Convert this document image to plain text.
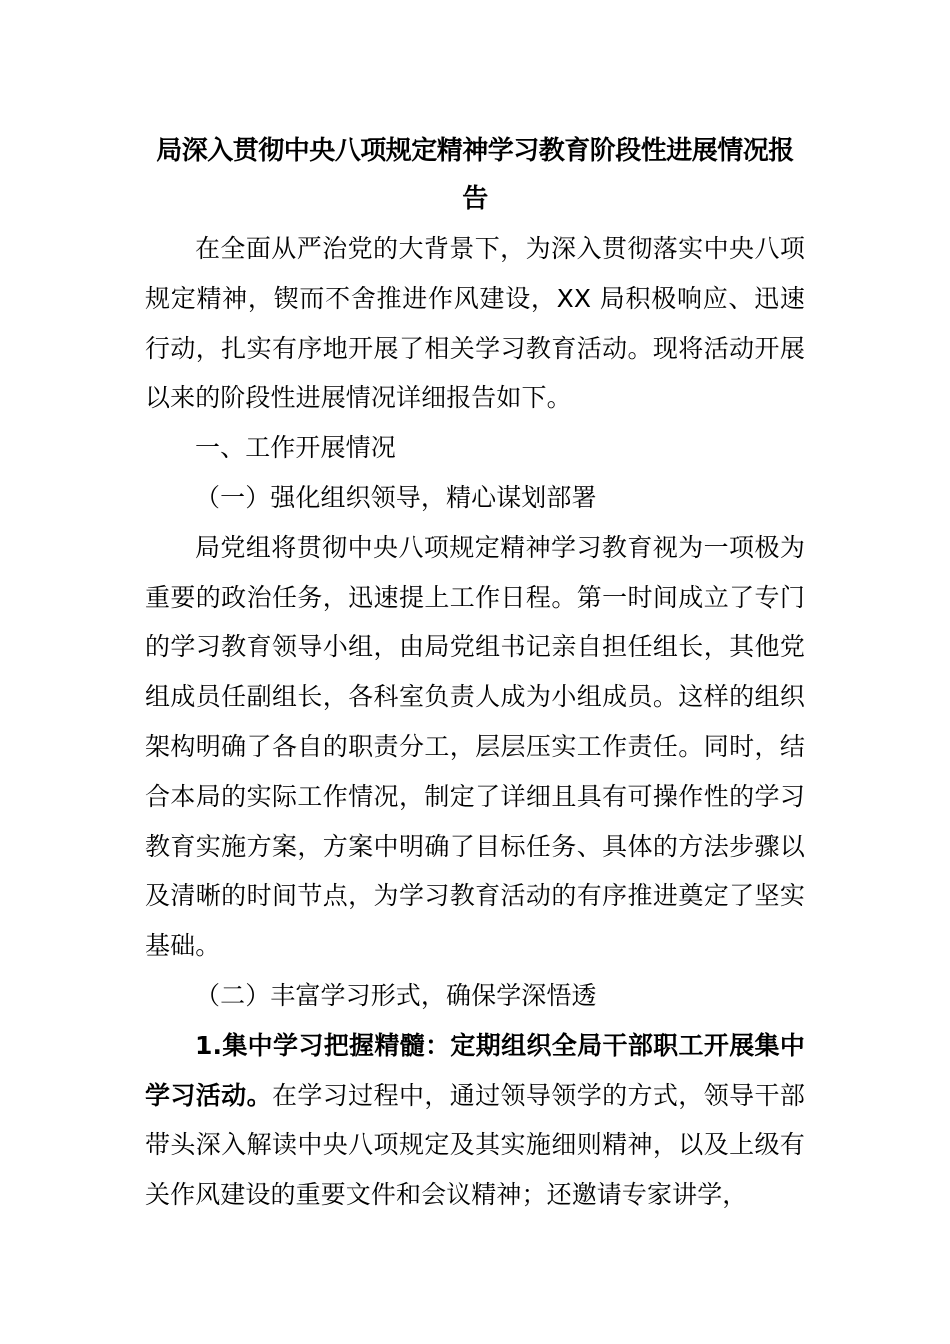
局深入贯彻中央八项规定精神学习教育阶段性进展情况报告

在全面从严治党的大背景下，为深入贯彻落实中央八项规定精神，锲而不舍推进作风建设，XX 局积极响应、迅速行动，扎实有序地开展了相关学习教育活动。现将活动开展以来的阶段性进展情况详细报告如下。

一、工作开展情况

（一）强化组织领导，精心谋划部署

局党组将贯彻中央八项规定精神学习教育视为一项极为重要的政治任务，迅速提上工作日程。第一时间成立了专门的学习教育领导小组，由局党组书记亲自担任组长，其他党组成员任副组长，各科室负责人成为小组成员。这样的组织架构明确了各自的职责分工，层层压实工作责任。同时，结合本局的实际工作情况，制定了详细且具有可操作性的学习教育实施方案，方案中明确了目标任务、具体的方法步骤以及清晰的时间节点，为学习教育活动的有序推进奠定了坚实基础。

（二）丰富学习形式，确保学深悟透

1.集中学习把握精髓：定期组织全局干部职工开展集中学习活动。在学习过程中，通过领导领学的方式，领导干部带头深入解读中央八项规定及其实施细则精神，以及上级有关作风建设的重要文件和会议精神；还邀请专家讲学，
